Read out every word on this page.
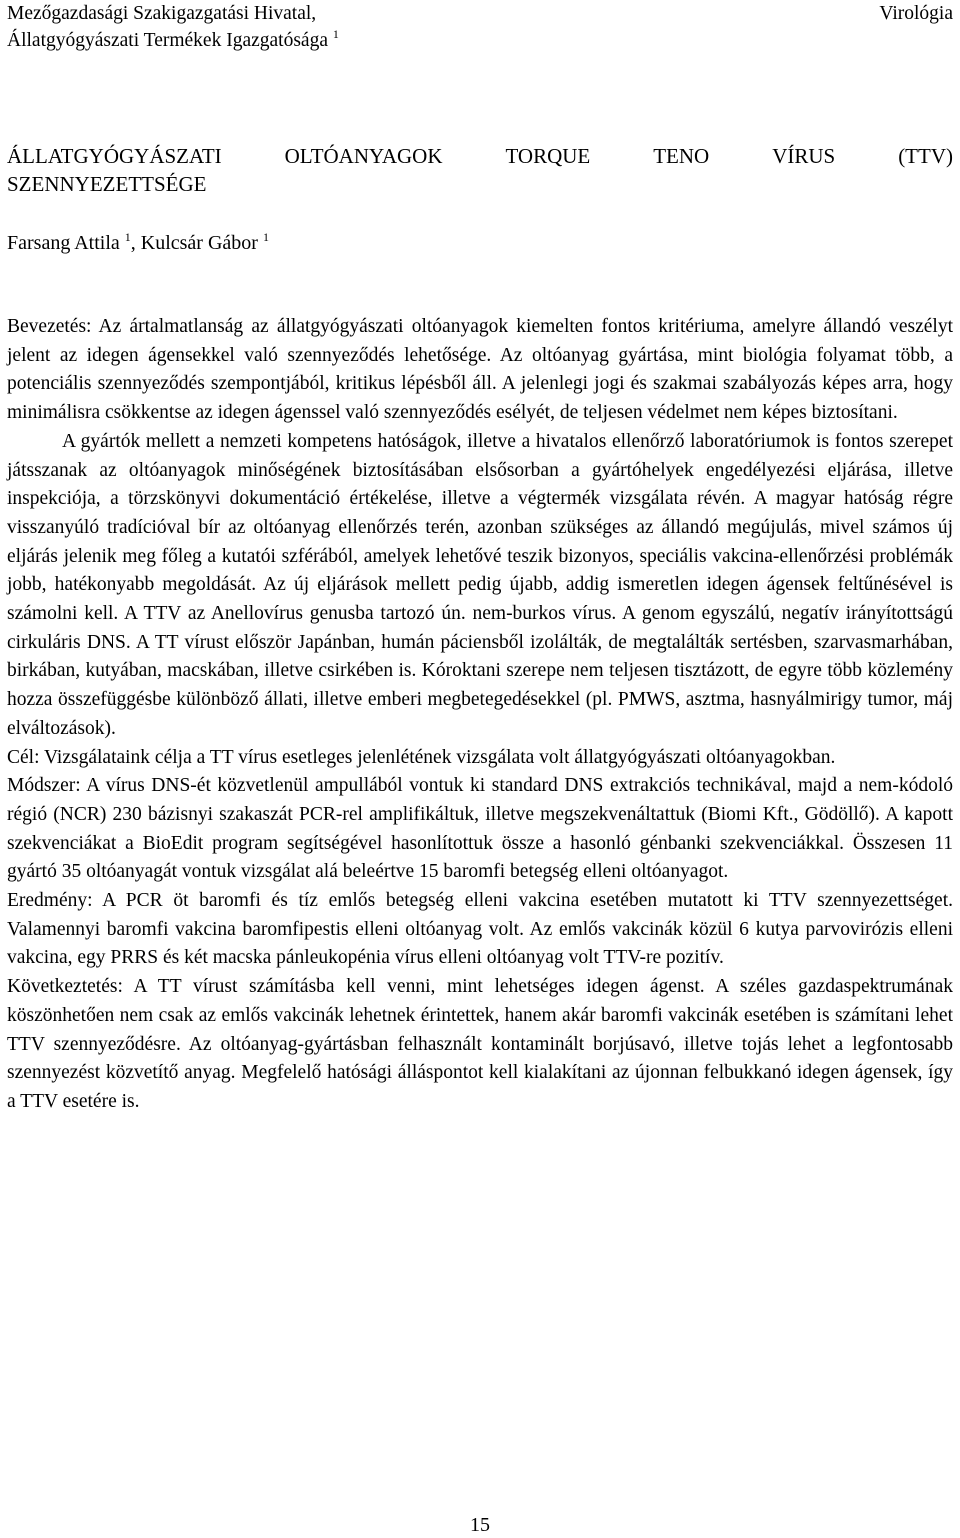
Mezőgazdasági Szakigazgatási Hivatal,
Állatgyógyászati Termékek Igazgatósága $^1$
Virológia
ÁLLATGYÓGYÁSZATI	OLTÓANYAGOK	TORQUE	TENO	VÍRUS	(TTV)
SZENNYEZETTSÉGE
Farsang Attila $^1$, Kulcsár Gábor $^1$

Bevezetés: Az ártalmatlanság az állatgyógyászati oltóanyagok kiemelten fontos kritériuma, amelyre állandó veszélyt jelent az idegen ágensekkel való szennyeződés lehetősége. Az oltóanyag gyártása, mint biológia folyamat több, a potenciális szennyeződés szempontjából, kritikus lépésből áll. A jelenlegi jogi és szakmai szabályozás képes arra, hogy minimálisra csökkentse az idegen ágenssel való szennyeződés esélyét, de teljesen védelmet nem képes biztosítani.

A gyártók mellett a nemzeti kompetens hatóságok, illetve a hivatalos ellenőrző laboratóriumok is fontos szerepet játsszanak az oltóanyagok minőségének biztosításában elsősorban a gyártóhelyek engedélyezési eljárása, illetve inspekciója, a törzskönyvi dokumentáció értékelése, illetve a végtermék vizsgálata révén. A magyar hatóság régre visszanyúló tradícióval bír az oltóanyag ellenőrzés terén, azonban szükséges az állandó megújulás, mivel számos új eljárás jelenik meg főleg a kutatói szférából, amelyek lehetővé teszik bizonyos, speciális vakcina-ellenőrzési problémák jobb, hatékonyabb megoldását. Az új eljárások mellett pedig újabb, addig ismeretlen idegen ágensek feltűnésével is számolni kell. A TTV az Anellovírus genusba tartozó ún. nem-burkos vírus. A genom egyszálú, negatív irányítottságú cirkuláris DNS. A TT vírust először Japánban, humán páciensből izolálták, de megtalálták sertésben, szarvasmarhában, birkában, kutyában, macskában, illetve csirkében is. Kóroktani szerepe nem teljesen tisztázott, de egyre több közlemény hozza összefüggésbe különböző állati, illetve emberi megbetegedésekkel (pl. PMWS, asztma, hasnyálmirigy tumor, máj elváltozások).

Cél: Vizsgálataink célja a TT vírus esetleges jelenlétének vizsgálata volt állatgyógyászati oltóanyagokban.

Módszer: A vírus DNS-ét közvetlenül ampullából vontuk ki standard DNS extrakciós technikával, majd a nem-kódoló régió (NCR) 230 bázisnyi szakaszát PCR-rel amplifikáltuk, illetve megszekvenáltattuk (Biomi Kft., Gödöllő). A kapott szekvenciákat a BioEdit program segítségével hasonlítottuk össze a hasonló génbanki szekvenciákkal. Összesen 11 gyártó 35 oltóanyagát vontuk vizsgálat alá beleértve 15 baromfi betegség elleni oltóanyagot.

Eredmény: A PCR öt baromfi és tíz emlős betegség elleni vakcina esetében mutatott ki TTV szennyezettséget. Valamennyi baromfi vakcina baromfipestis elleni oltóanyag volt. Az emlős vakcinák közül 6 kutya parvovirózis elleni vakcina, egy PRRS és két macska pánleukopénia vírus elleni oltóanyag volt TTV-re pozitív.

Következtetés: A TT vírust számításba kell venni, mint lehetséges idegen ágenst. A széles gazdaspektrumának köszönhetően nem csak az emlős vakcinák lehetnek érintettek, hanem akár baromfi vakcinák esetében is számítani lehet TTV szennyeződésre. Az oltóanyag-gyártásban felhasznált kontaminált borjúsavó, illetve tojás lehet a legfontosabb szennyezést közvetítő anyag. Megfelelő hatósági álláspontot kell kialakítani az újonnan felbukkanó idegen ágensek, így a TTV esetére is.

15
